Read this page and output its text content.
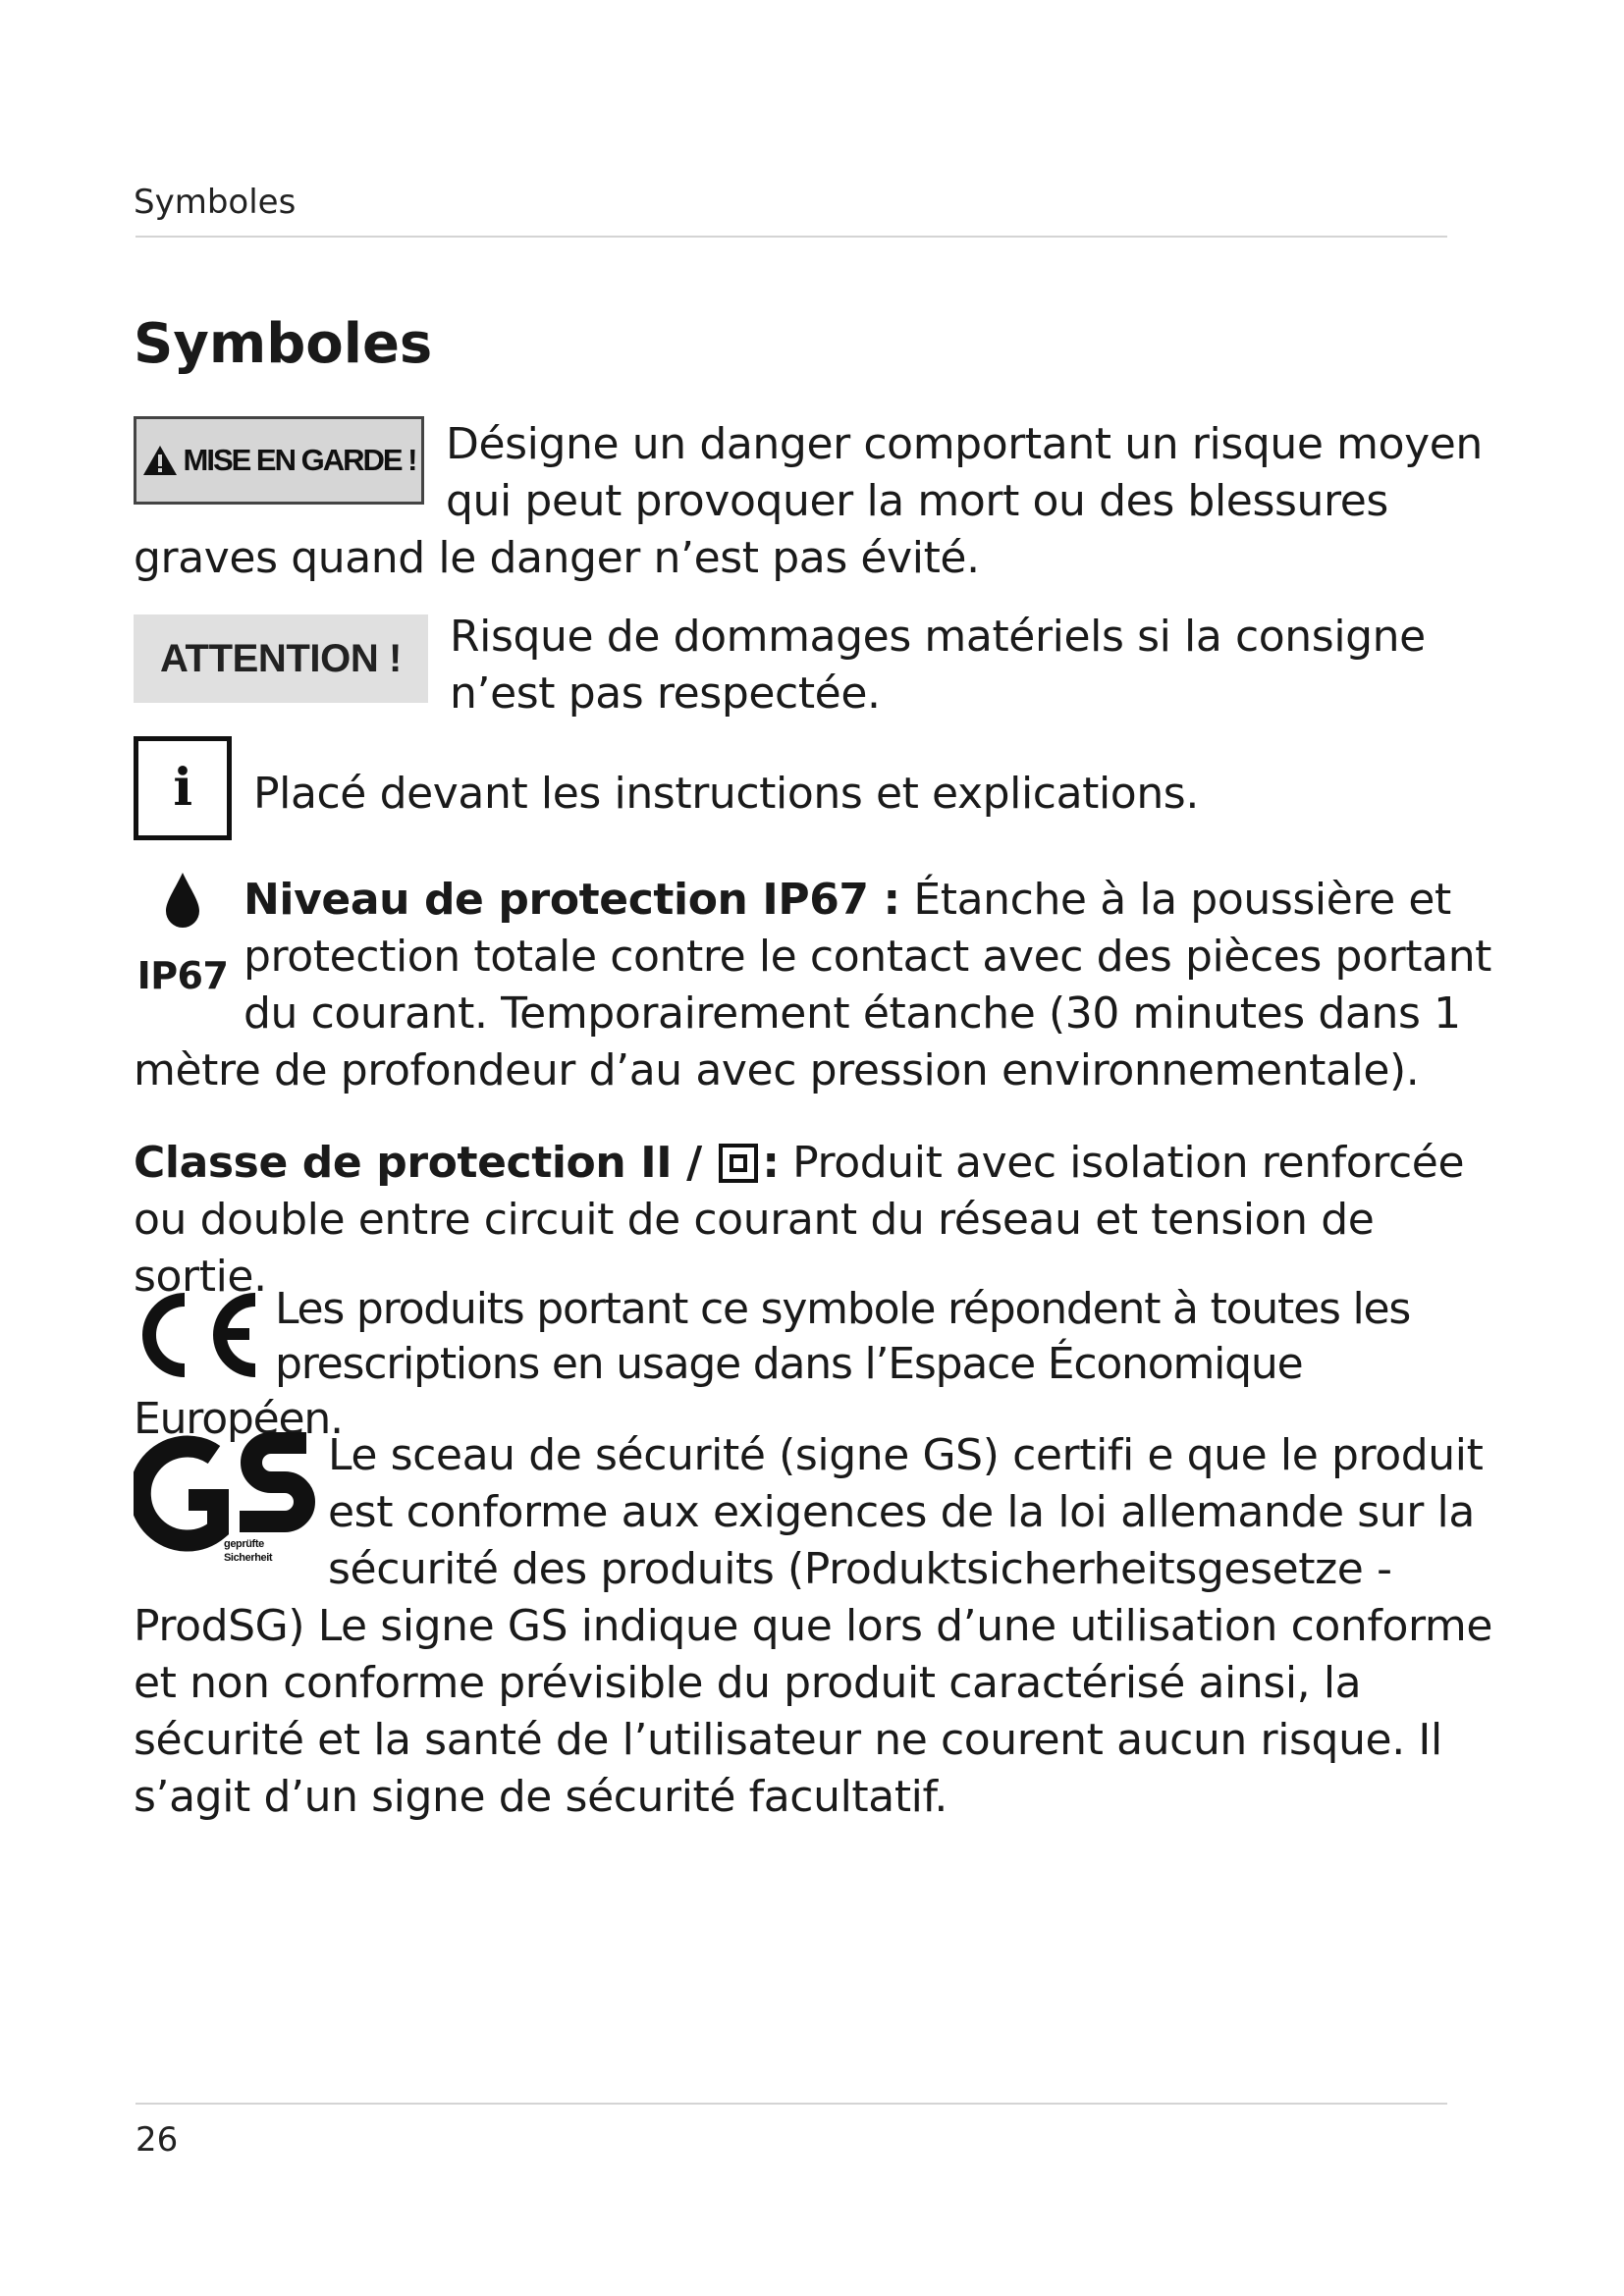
Symboles
Symboles
MISE EN GARDE ! Désigne un danger comportant un risque moyen qui peut provoquer la mort ou des blessures graves quand le danger n’est pas évité.
ATTENTION !	Risque de dommages matériels si la consigne n’est pas respectée.
i	Placé devant les instructions et explications.
IP67
Niveau de protection IP67 : Étanche à la poussière et protection totale contre le contact avec des pièces portant du courant. Temporairement étanche (30 minutes dans 1 mètre de profondeur d’au avec pression environnementale).
Classe de protection II / : Produit avec isolation renforcée ou double entre circuit de courant du réseau et tension de sortie.
Les produits portant ce symbole répondent à toutes les prescriptions en usage dans l’Espace Économique Européen.
geprüfte
Sicherheit
Le sceau de sécurité (signe GS) certifi e que le produit est conforme aux exigences de la loi allemande sur la sécurité des produits (Produktsicherheitsgesetze - ProdSG) Le signe GS indique que lors d’une utilisation conforme et non conforme prévisible du produit caractérisé ainsi, la sécurité et la santé de l’utilisateur ne courent aucun risque. Il s’agit d’un signe de sécurité facultatif.
26
